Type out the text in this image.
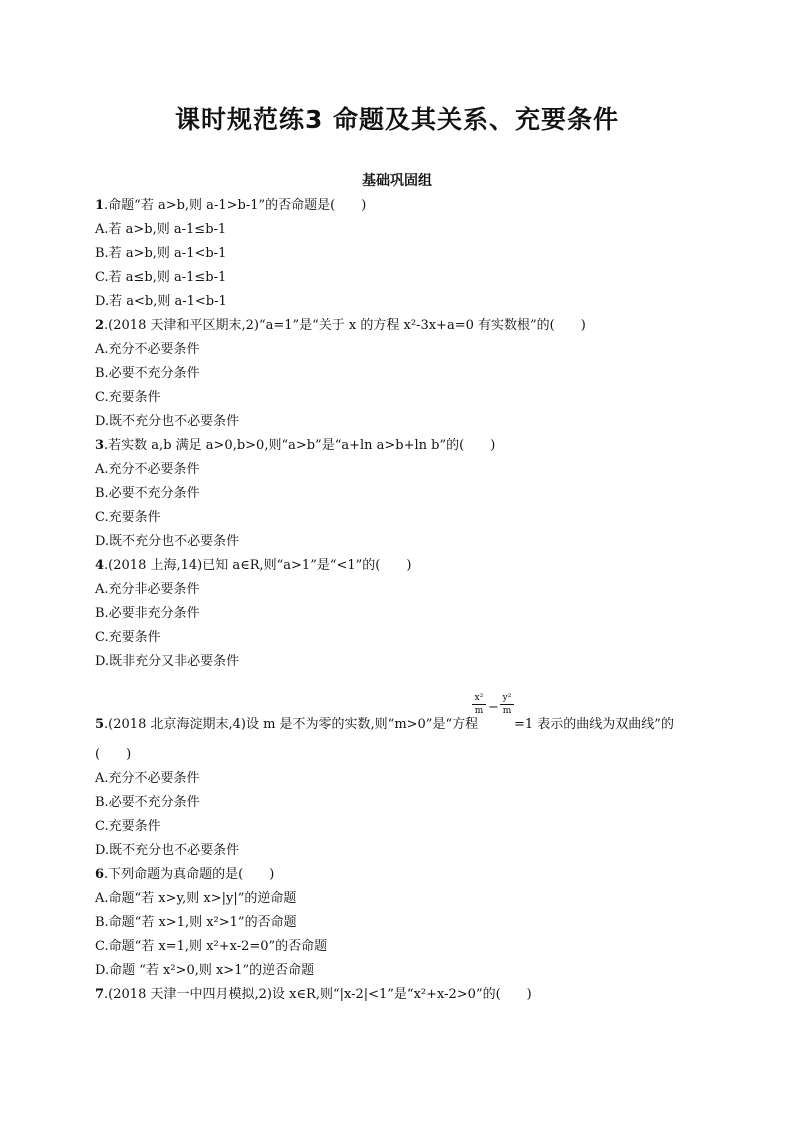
课时规范练3 命题及其关系、充要条件
基础巩固组
1.命题“若 a>b,则 a-1>b-1”的否命题是(　　)
A.若 a>b,则 a-1≤b-1
B.若 a>b,则 a-1<b-1
C.若 a≤b,则 a-1≤b-1
D.若 a<b,则 a-1<b-1
2.(2018 天津和平区期末,2)“a=1”是“关于 x 的方程 x²-3x+a=0 有实数根”的(　　)
A.充分不必要条件
B.必要不充分条件
C.充要条件
D.既不充分也不必要条件
3.若实数 a,b 满足 a>0,b>0,则“a>b”是“a+ln a>b+ln b”的(　　)
A.充分不必要条件
B.必要不充分条件
C.充要条件
D.既不充分也不必要条件
4.(2018 上海,14)已知 a∈R,则“a>1”是“<1”的(　　)
A.充分非必要条件
B.必要非充分条件
C.充要条件
D.既非充分又非必要条件
5.(2018 北京海淀期末,4)设 m 是不为零的实数,则“m>0”是“方程
$\frac{\text{x²}}{m} - \frac{\text{y²}}{m}$
=1 表示的曲线为双曲线”的
(　　)
A.充分不必要条件
B.必要不充分条件
C.充要条件
D.既不充分也不必要条件
6.下列命题为真命题的是(　　)
A.命题“若 x>y,则 x>|y|”的逆命题
B.命题“若 x>1,则 x²>1”的否命题
C.命题“若 x=1,则 x²+x-2=0”的否命题
D.命题 “若 x²>0,则 x>1”的逆否命题
7.(2018 天津一中四月模拟,2)设 x∈R,则“|x-2|<1”是“x²+x-2>0”的(　　)
